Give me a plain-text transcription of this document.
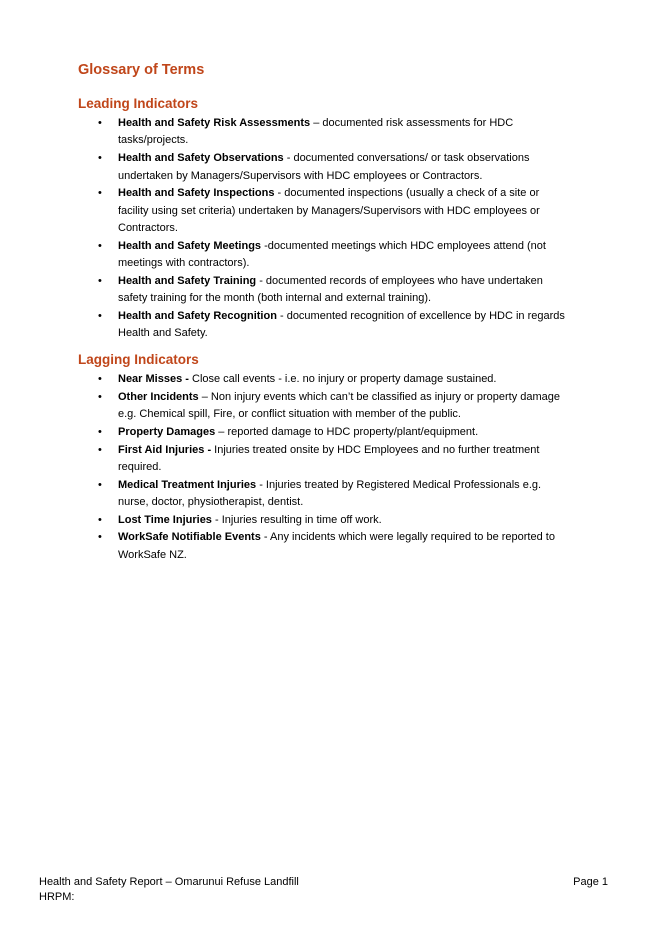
Glossary of Terms
Leading Indicators
• Health and Safety Risk Assessments – documented risk assessments for HDC tasks/projects.
• Health and Safety Observations - documented conversations/ or task observations undertaken by Managers/Supervisors with HDC employees or Contractors.
• Health and Safety Inspections - documented inspections (usually a check of a site or facility using set criteria) undertaken by Managers/Supervisors with HDC employees or Contractors.
• Health and Safety Meetings -documented meetings which HDC employees attend (not meetings with contractors).
• Health and Safety Training - documented records of employees who have undertaken safety training for the month (both internal and external training).
• Health and Safety Recognition - documented recognition of excellence by HDC in regards Health and Safety.
Lagging Indicators
• Near Misses - Close call events - i.e. no injury or property damage sustained.
• Other Incidents – Non injury events which can’t be classified as injury or property damage e.g. Chemical spill, Fire, or conflict situation with member of the public.
• Property Damages – reported damage to HDC property/plant/equipment.
• First Aid Injuries - Injuries treated onsite by HDC Employees and no further treatment required.
• Medical Treatment Injuries - Injuries treated by Registered Medical Professionals e.g. nurse, doctor, physiotherapist, dentist.
• Lost Time Injuries - Injuries resulting in time off work.
• WorkSafe Notifiable Events - Any incidents which were legally required to be reported to WorkSafe NZ.
Health and Safety Report – Omarunui Refuse Landfill
HRPM:
Page 1
